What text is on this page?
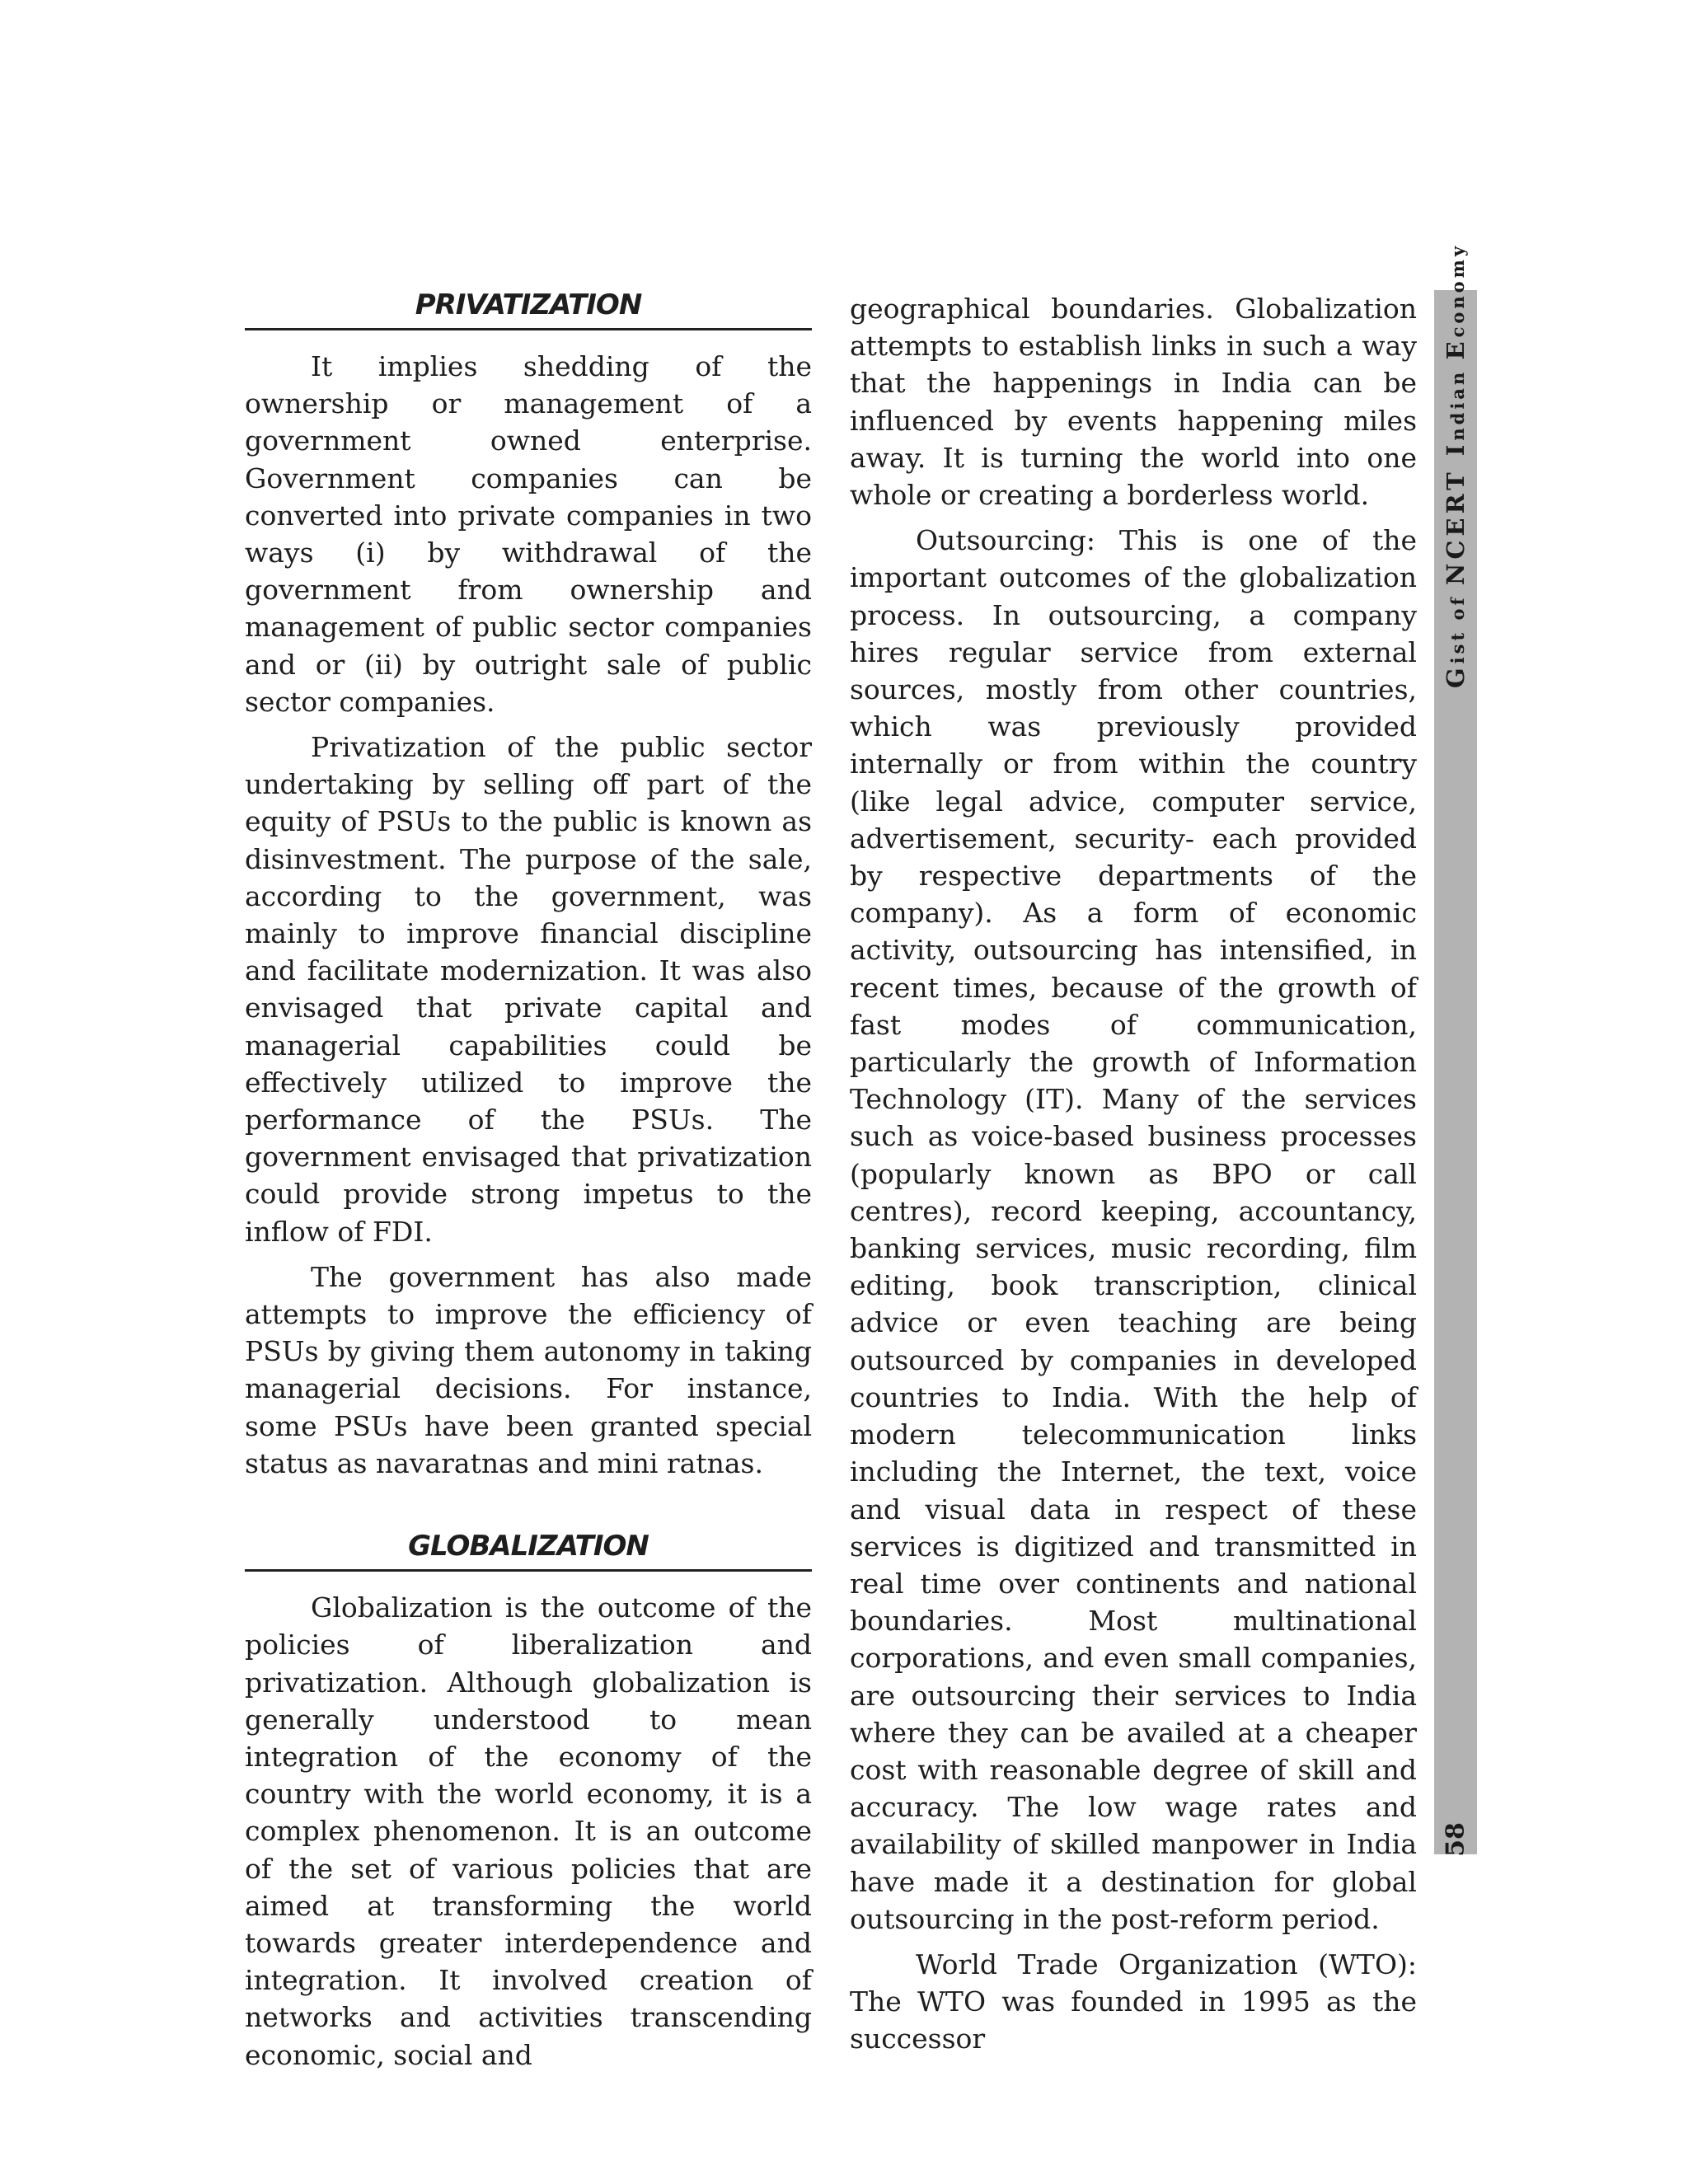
PRIVATIZATION

It implies shedding of the ownership or management of a government owned enterprise. Government companies can be converted into private companies in two ways (i) by withdrawal of the government from ownership and management of public sector companies and or (ii) by outright sale of public sector companies.

Privatization of the public sector undertaking by selling off part of the equity of PSUs to the public is known as disinvestment. The purpose of the sale, according to the government, was mainly to improve financial discipline and facilitate modernization. It was also envisaged that private capital and managerial capabilities could be effectively utilized to improve the performance of the PSUs. The government envisaged that privatization could provide strong impetus to the inflow of FDI.

The government has also made attempts to improve the efficiency of PSUs by giving them autonomy in taking managerial decisions. For instance, some PSUs have been granted special status as navaratnas and mini ratnas.

GLOBALIZATION

Globalization is the outcome of the policies of liberalization and privatization. Although globalization is generally understood to mean integration of the economy of the country with the world economy, it is a complex phenomenon. It is an outcome of the set of various policies that are aimed at transforming the world towards greater interdependence and integration. It involved creation of networks and activities transcending economic, social and

geographical boundaries. Globalization attempts to establish links in such a way that the happenings in India can be influenced by events happening miles away. It is turning the world into one whole or creating a borderless world.

Outsourcing: This is one of the important outcomes of the globalization process. In outsourcing, a company hires regular service from external sources, mostly from other countries, which was previously provided internally or from within the country (like legal advice, computer service, advertisement, security- each provided by respective departments of the company). As a form of economic activity, outsourcing has intensified, in recent times, because of the growth of fast modes of communication, particularly the growth of Information Technology (IT). Many of the services such as voice-based business processes (popularly known as BPO or call centres), record keeping, accountancy, banking services, music recording, film editing, book transcription, clinical advice or even teaching are being outsourced by companies in developed countries to India. With the help of modern telecommunication links including the Internet, the text, voice and visual data in respect of these services is digitized and transmitted in real time over continents and national boundaries. Most multinational corporations, and even small companies, are outsourcing their services to India where they can be availed at a cheaper cost with reasonable degree of skill and accuracy. The low wage rates and availability of skilled manpower in India have made it a destination for global outsourcing in the post-reform period.

World Trade Organization (WTO): The WTO was founded in 1995 as the successor

Gist of NCERT Indian Economy
58
